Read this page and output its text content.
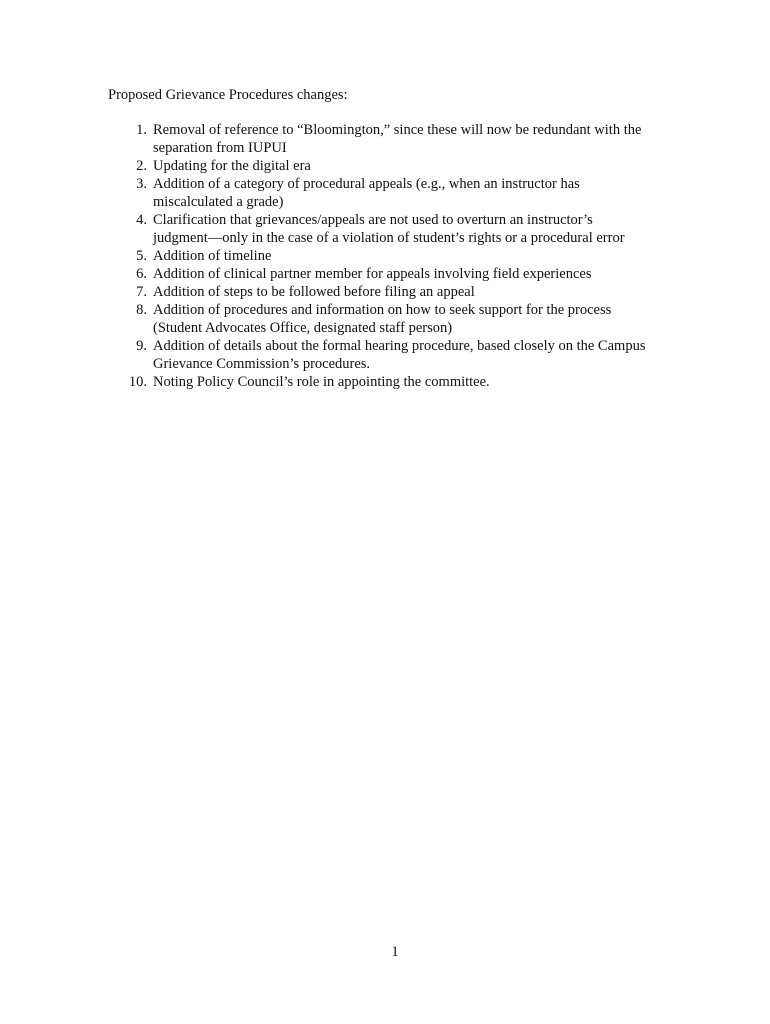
Proposed Grievance Procedures changes:
1. Removal of reference to “Bloomington,” since these will now be redundant with the
separation from IUPUI
2. Updating for the digital era
3. Addition of a category of procedural appeals (e.g., when an instructor has
miscalculated a grade)
4. Clarification that grievances/appeals are not used to overturn an instructor’s
judgment—only in the case of a violation of student’s rights or a procedural error
5. Addition of timeline
6. Addition of clinical partner member for appeals involving field experiences
7. Addition of steps to be followed before filing an appeal
8. Addition of procedures and information on how to seek support for the process
(Student Advocates Office, designated staff person)
9. Addition of details about the formal hearing procedure, based closely on the Campus
Grievance Commission’s procedures.
10. Noting Policy Council’s role in appointing the committee.
1
